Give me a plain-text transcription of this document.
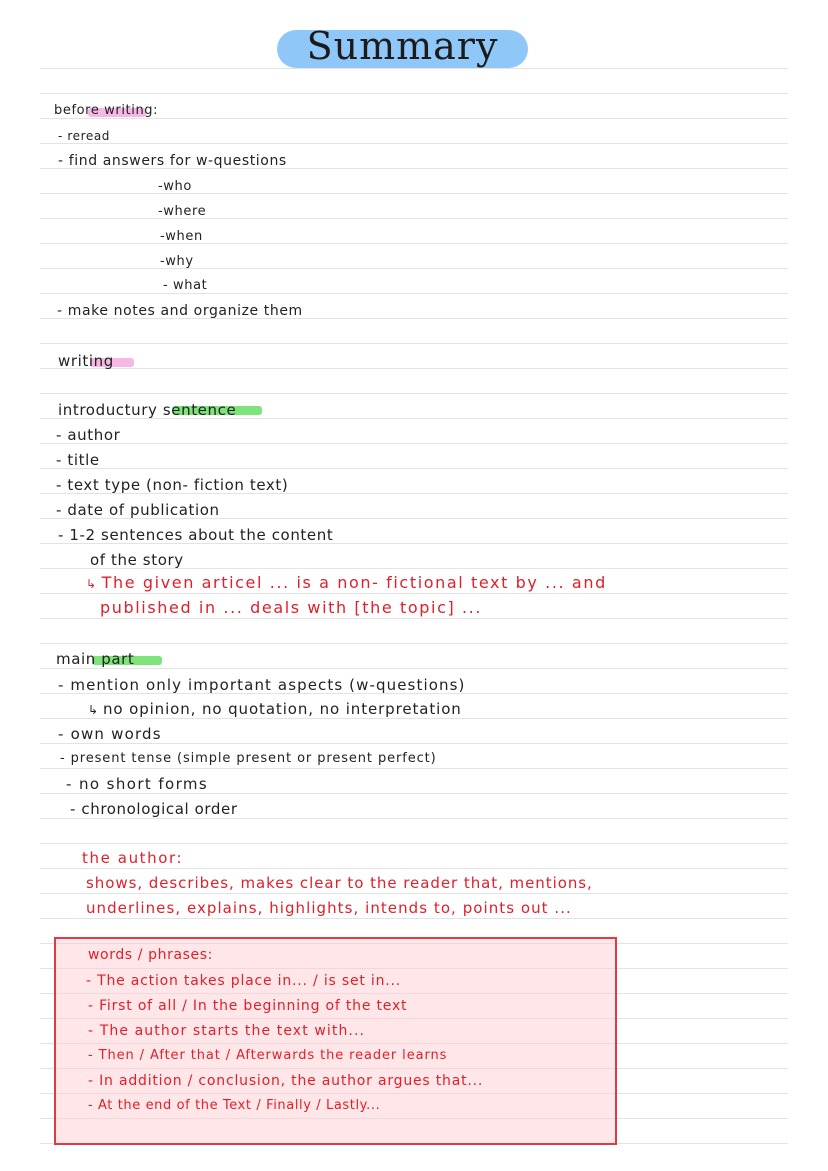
Summary
before writing:
- reread
- find answers for w-questions
-who
-where
-when
-why
- what
- make notes and organize them
writing
introductury sentence
- author
- title
- text type (non- fiction text)
- date of publication
- 1-2 sentences about the content
of the story
↳ The given articel ... is a non- fictional text by ... and
published in ... deals with [the topic] ...
main part
- mention only important aspects (w-questions)
↳ no opinion, no quotation, no interpretation
- own words
- present tense (simple present or present perfect)
- no short forms
- chronological order
the author:
shows, describes, makes clear to the reader that, mentions,
underlines, explains, highlights, intends to, points out ...
words / phrases:
- The action takes place in... / is set in...
- First of all / In the beginning of the text
- The author starts the text with...
- Then / After that / Afterwards the reader learns
- In addition / conclusion, the author argues that...
- At the end of the Text / Finally / Lastly...
